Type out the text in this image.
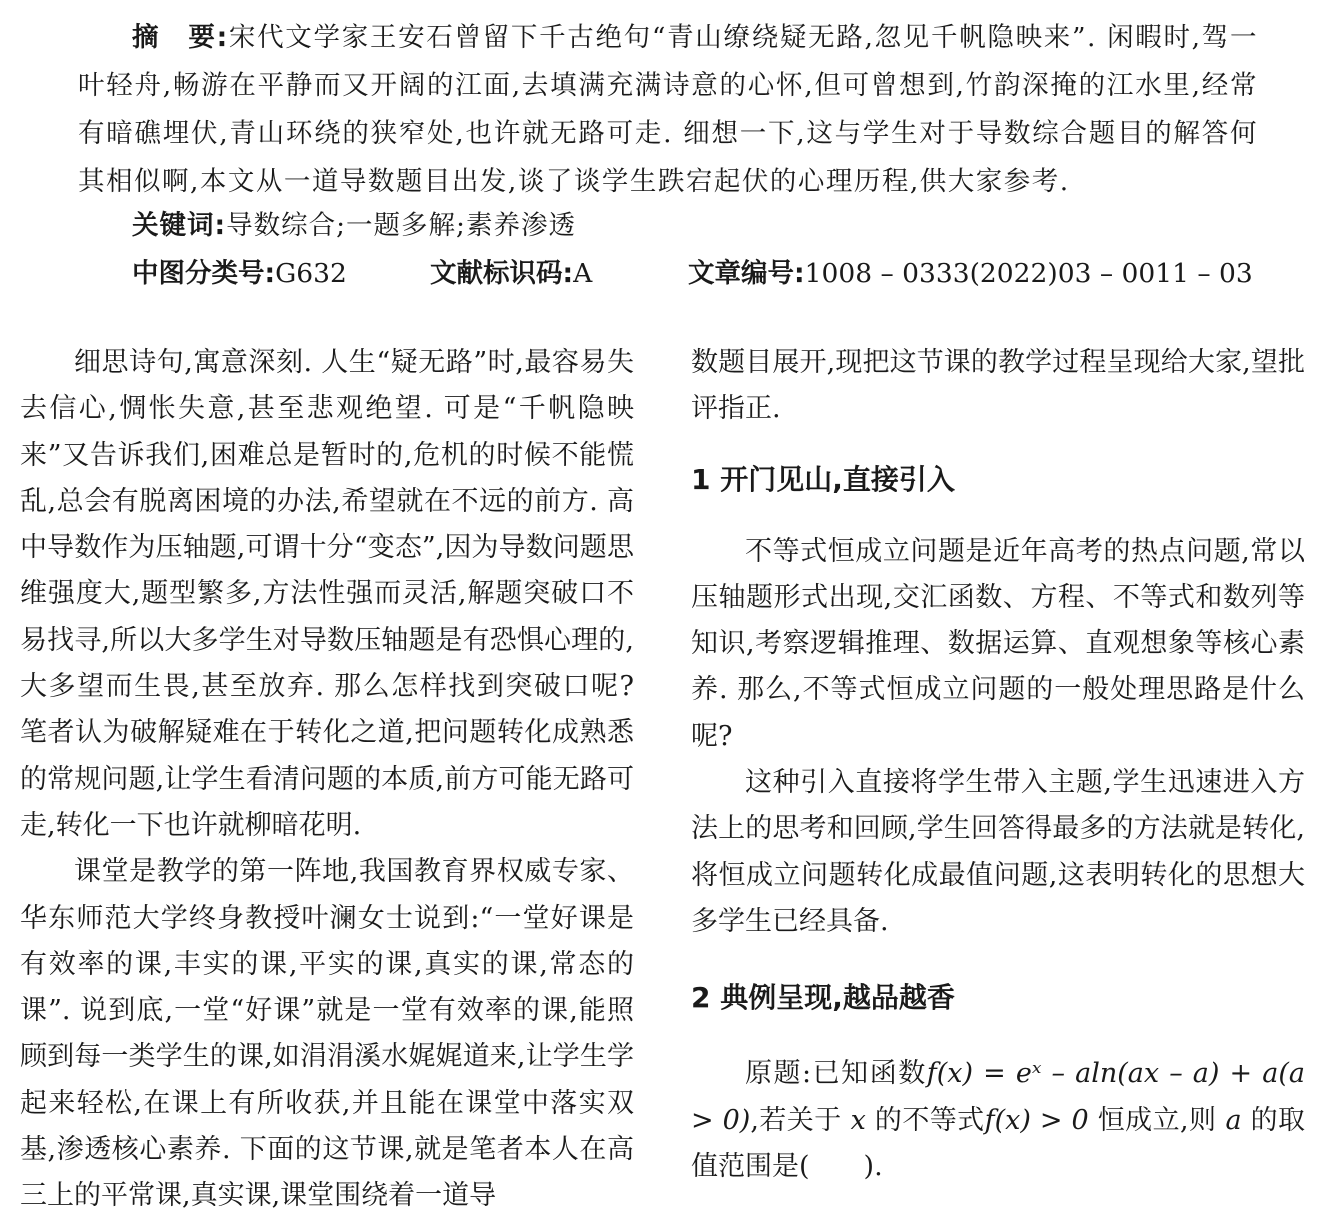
摘　要:宋代文学家王安石曾留下千古绝句“青山缭绕疑无路,忽见千帆隐映来”. 闲暇时,驾一叶轻舟,畅游在平静而又开阔的江面,去填满充满诗意的心怀,但可曾想到,竹韵深掩的江水里,经常有暗礁埋伏,青山环绕的狭窄处,也许就无路可走. 细想一下,这与学生对于导数综合题目的解答何其相似啊,本文从一道导数题目出发,谈了谈学生跌宕起伏的心理历程,供大家参考.
关键词:导数综合;一题多解;素养渗透
中图分类号:G632	文献标识码:A	文章编号:1008 – 0333(2022)03 – 0011 – 03

细思诗句,寓意深刻. 人生“疑无路”时,最容易失去信心,惆怅失意,甚至悲观绝望. 可是“千帆隐映来”又告诉我们,困难总是暂时的,危机的时候不能慌乱,总会有脱离困境的办法,希望就在不远的前方. 高中导数作为压轴题,可谓十分“变态”,因为导数问题思维强度大,题型繁多,方法性强而灵活,解题突破口不易找寻,所以大多学生对导数压轴题是有恐惧心理的,大多望而生畏,甚至放弃. 那么怎样找到突破口呢? 笔者认为破解疑难在于转化之道,把问题转化成熟悉的常规问题,让学生看清问题的本质,前方可能无路可走,转化一下也许就柳暗花明.

课堂是教学的第一阵地,我国教育界权威专家、华东师范大学终身教授叶澜女士说到:“一堂好课是有效率的课,丰实的课,平实的课,真实的课,常态的课”. 说到底,一堂“好课”就是一堂有效率的课,能照顾到每一类学生的课,如涓涓溪水娓娓道来,让学生学起来轻松,在课上有所收获,并且能在课堂中落实双基,渗透核心素养. 下面的这节课,就是笔者本人在高三上的平常课,真实课,课堂围绕着一道导

数题目展开,现把这节课的教学过程呈现给大家,望批评指正.

1 开门见山,直接引入

不等式恒成立问题是近年高考的热点问题,常以压轴题形式出现,交汇函数、方程、不等式和数列等知识,考察逻辑推理、数据运算、直观想象等核心素养. 那么,不等式恒成立问题的一般处理思路是什么呢?

这种引入直接将学生带入主题,学生迅速进入方法上的思考和回顾,学生回答得最多的方法就是转化,将恒成立问题转化成最值问题,这表明转化的思想大多学生已经具备.

2 典例呈现,越品越香

原题:已知函数f(x) = eˣ – aln(ax – a) + a(a > 0),若关于 x 的不等式f(x) > 0 恒成立,则 a 的取值范围是(　　).
